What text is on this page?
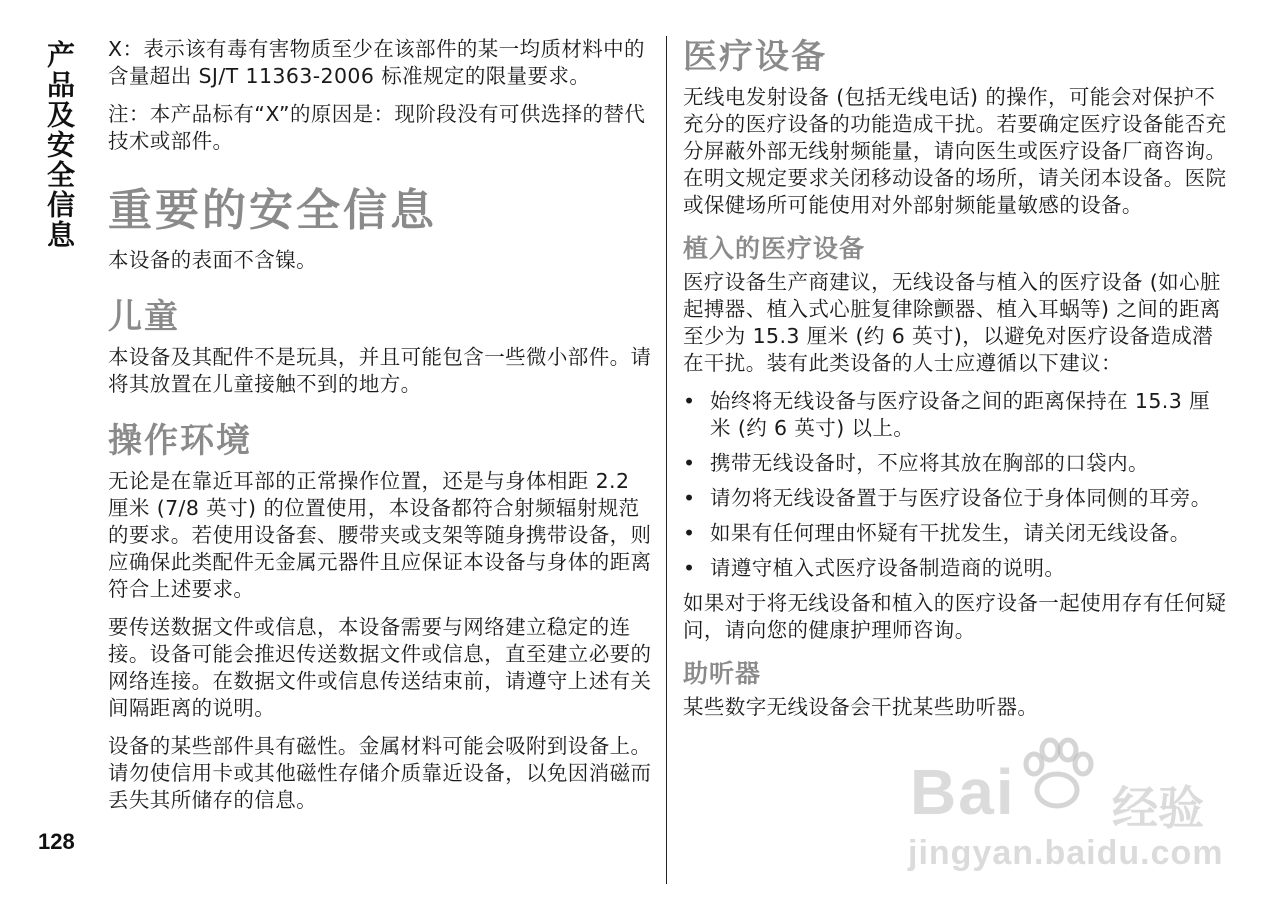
产品及安全信息
128

X：表示该有毒有害物质至少在该部件的某一均质材料中的含量超出 SJ/T 11363-2006 标准规定的限量要求。

注：本产品标有“X”的原因是：现阶段没有可供选择的替代技术或部件。

重要的安全信息

本设备的表面不含镍。

儿童

本设备及其配件不是玩具，并且可能包含一些微小部件。请将其放置在儿童接触不到的地方。

操作环境

无论是在靠近耳部的正常操作位置，还是与身体相距 2.2 厘米 (7/8 英寸) 的位置使用，本设备都符合射频辐射规范的要求。若使用设备套、腰带夹或支架等随身携带设备，则应确保此类配件无金属元器件且应保证本设备与身体的距离符合上述要求。

要传送数据文件或信息，本设备需要与网络建立稳定的连接。设备可能会推迟传送数据文件或信息，直至建立必要的网络连接。在数据文件或信息传送结束前，请遵守上述有关间隔距离的说明。

设备的某些部件具有磁性。金属材料可能会吸附到设备上。请勿使信用卡或其他磁性存储介质靠近设备，以免因消磁而丢失其所储存的信息。

医疗设备

无线电发射设备 (包括无线电话) 的操作，可能会对保护不充分的医疗设备的功能造成干扰。若要确定医疗设备能否充分屏蔽外部无线射频能量，请向医生或医疗设备厂商咨询。在明文规定要求关闭移动设备的场所，请关闭本设备。医院或保健场所可能使用对外部射频能量敏感的设备。

植入的医疗设备

医疗设备生产商建议，无线设备与植入的医疗设备 (如心脏起搏器、植入式心脏复律除颤器、植入耳蜗等) 之间的距离至少为 15.3 厘米 (约 6 英寸)，以避免对医疗设备造成潜在干扰。装有此类设备的人士应遵循以下建议：

• 始终将无线设备与医疗设备之间的距离保持在 15.3 厘米 (约 6 英寸) 以上。
• 携带无线设备时，不应将其放在胸部的口袋内。
• 请勿将无线设备置于与医疗设备位于身体同侧的耳旁。
• 如果有任何理由怀疑有干扰发生，请关闭无线设备。
• 请遵守植入式医疗设备制造商的说明。

如果对于将无线设备和植入的医疗设备一起使用存有任何疑问，请向您的健康护理师咨询。

助听器

某些数字无线设备会干扰某些助听器。

Bai 经验
jingyan.baidu.com
